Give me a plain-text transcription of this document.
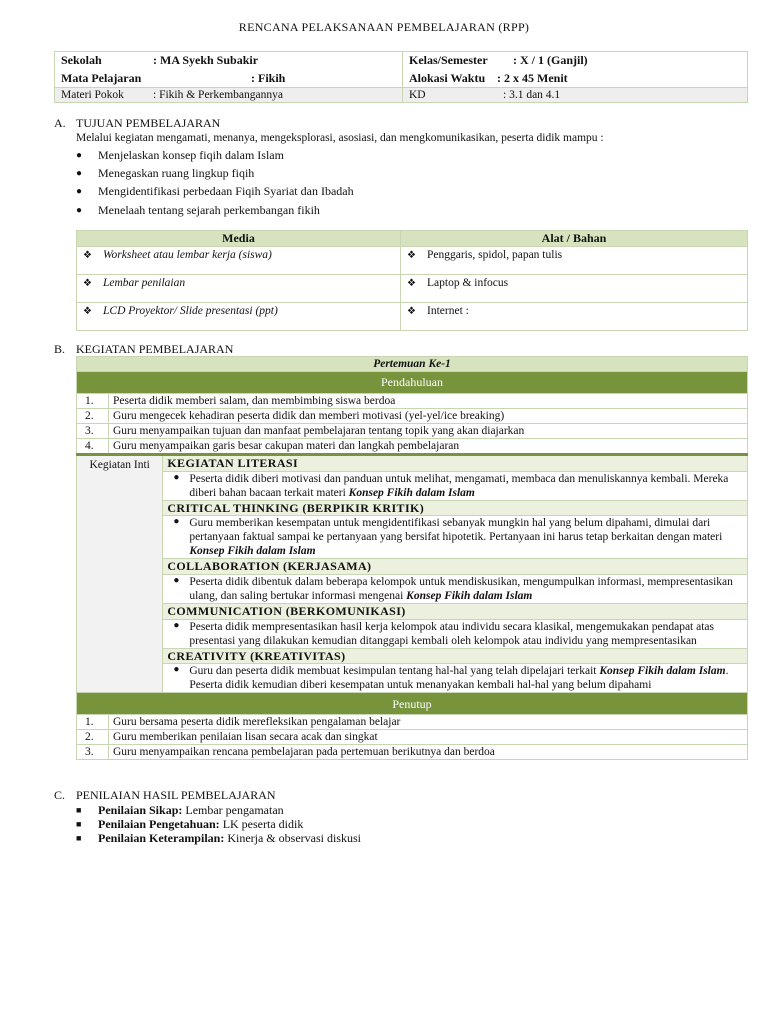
RENCANA PELAKSANAAN PEMBELAJARAN (RPP)
Sekolah : MA Syekh Subakir	Kelas/Semester : X / 1 (Ganjil)
Mata Pelajaran : Fikih	Alokasi Waktu : 2 x 45 Menit
Materi Pokok : Fikih & Perkembangannya	KD : 3.1 dan 4.1
A. TUJUAN PEMBELAJARAN
Melalui kegiatan mengamati, menanya, mengeksplorasi, asosiasi, dan mengkomunikasikan, peserta didik mampu :
● Menjelaskan konsep fiqih dalam Islam
● Menegaskan ruang lingkup fiqih
● Mengidentifikasi perbedaan Fiqih Syariat dan Ibadah
● Menelaah tentang sejarah perkembangan fikih
Media	Alat / Bahan
❖ Worksheet atau lembar kerja (siswa)	❖ Penggaris, spidol, papan tulis
❖ Lembar penilaian	❖ Laptop & infocus
❖ LCD Proyektor/ Slide presentasi (ppt)	❖ Internet :
B. KEGIATAN PEMBELAJARAN
Pertemuan Ke-1		
Pendahuluan		
1.	Peserta didik memberi salam, dan membimbing siswa berdoa	
2.	Guru mengecek kehadiran peserta didik dan memberi motivasi (yel-yel/ice breaking)	
3.	Guru menyampaikan tujuan dan manfaat pembelajaran tentang topik yang akan diajarkan	
4.	Guru menyampaikan garis besar cakupan materi dan langkah pembelajaran	
Kegiatan Inti		KEGIATAN LITERASI
		● Peserta didik diberi motivasi dan panduan untuk melihat, mengamati, membaca dan menuliskannya kembali. Mereka diberi bahan bacaan terkait materi Konsep Fikih dalam Islam
		CRITICAL THINKING (BERPIKIR KRITIK)
		● Guru memberikan kesempatan untuk mengidentifikasi sebanyak mungkin hal yang belum dipahami, dimulai dari pertanyaan faktual sampai ke pertanyaan yang bersifat hipotetik. Pertanyaan ini harus tetap berkaitan dengan materi Konsep Fikih dalam Islam
		COLLABORATION (KERJASAMA)
		● Peserta didik dibentuk dalam beberapa kelompok untuk mendiskusikan, mengumpulkan informasi, mempresentasikan ulang, dan saling bertukar informasi mengenai Konsep Fikih dalam Islam
		COMMUNICATION (BERKOMUNIKASI)
		● Peserta didik mempresentasikan hasil kerja kelompok atau individu secara klasikal, mengemukakan pendapat atas presentasi yang dilakukan kemudian ditanggapi kembali oleh kelompok atau individu yang mempresentasikan
		CREATIVITY (KREATIVITAS)
		● Guru dan peserta didik membuat kesimpulan tentang hal-hal yang telah dipelajari terkait Konsep Fikih dalam Islam. Peserta didik kemudian diberi kesempatan untuk menanyakan kembali hal-hal yang belum dipahami
Penutup		
1.	Guru bersama peserta didik merefleksikan pengalaman belajar	
2.	Guru memberikan penilaian lisan secara acak dan singkat	
3.	Guru menyampaikan rencana pembelajaran pada pertemuan berikutnya dan berdoa	
C. PENILAIAN HASIL PEMBELAJARAN
■ Penilaian Sikap: Lembar pengamatan
■ Penilaian Pengetahuan: LK peserta didik
■ Penilaian Keterampilan: Kinerja & observasi diskusi
